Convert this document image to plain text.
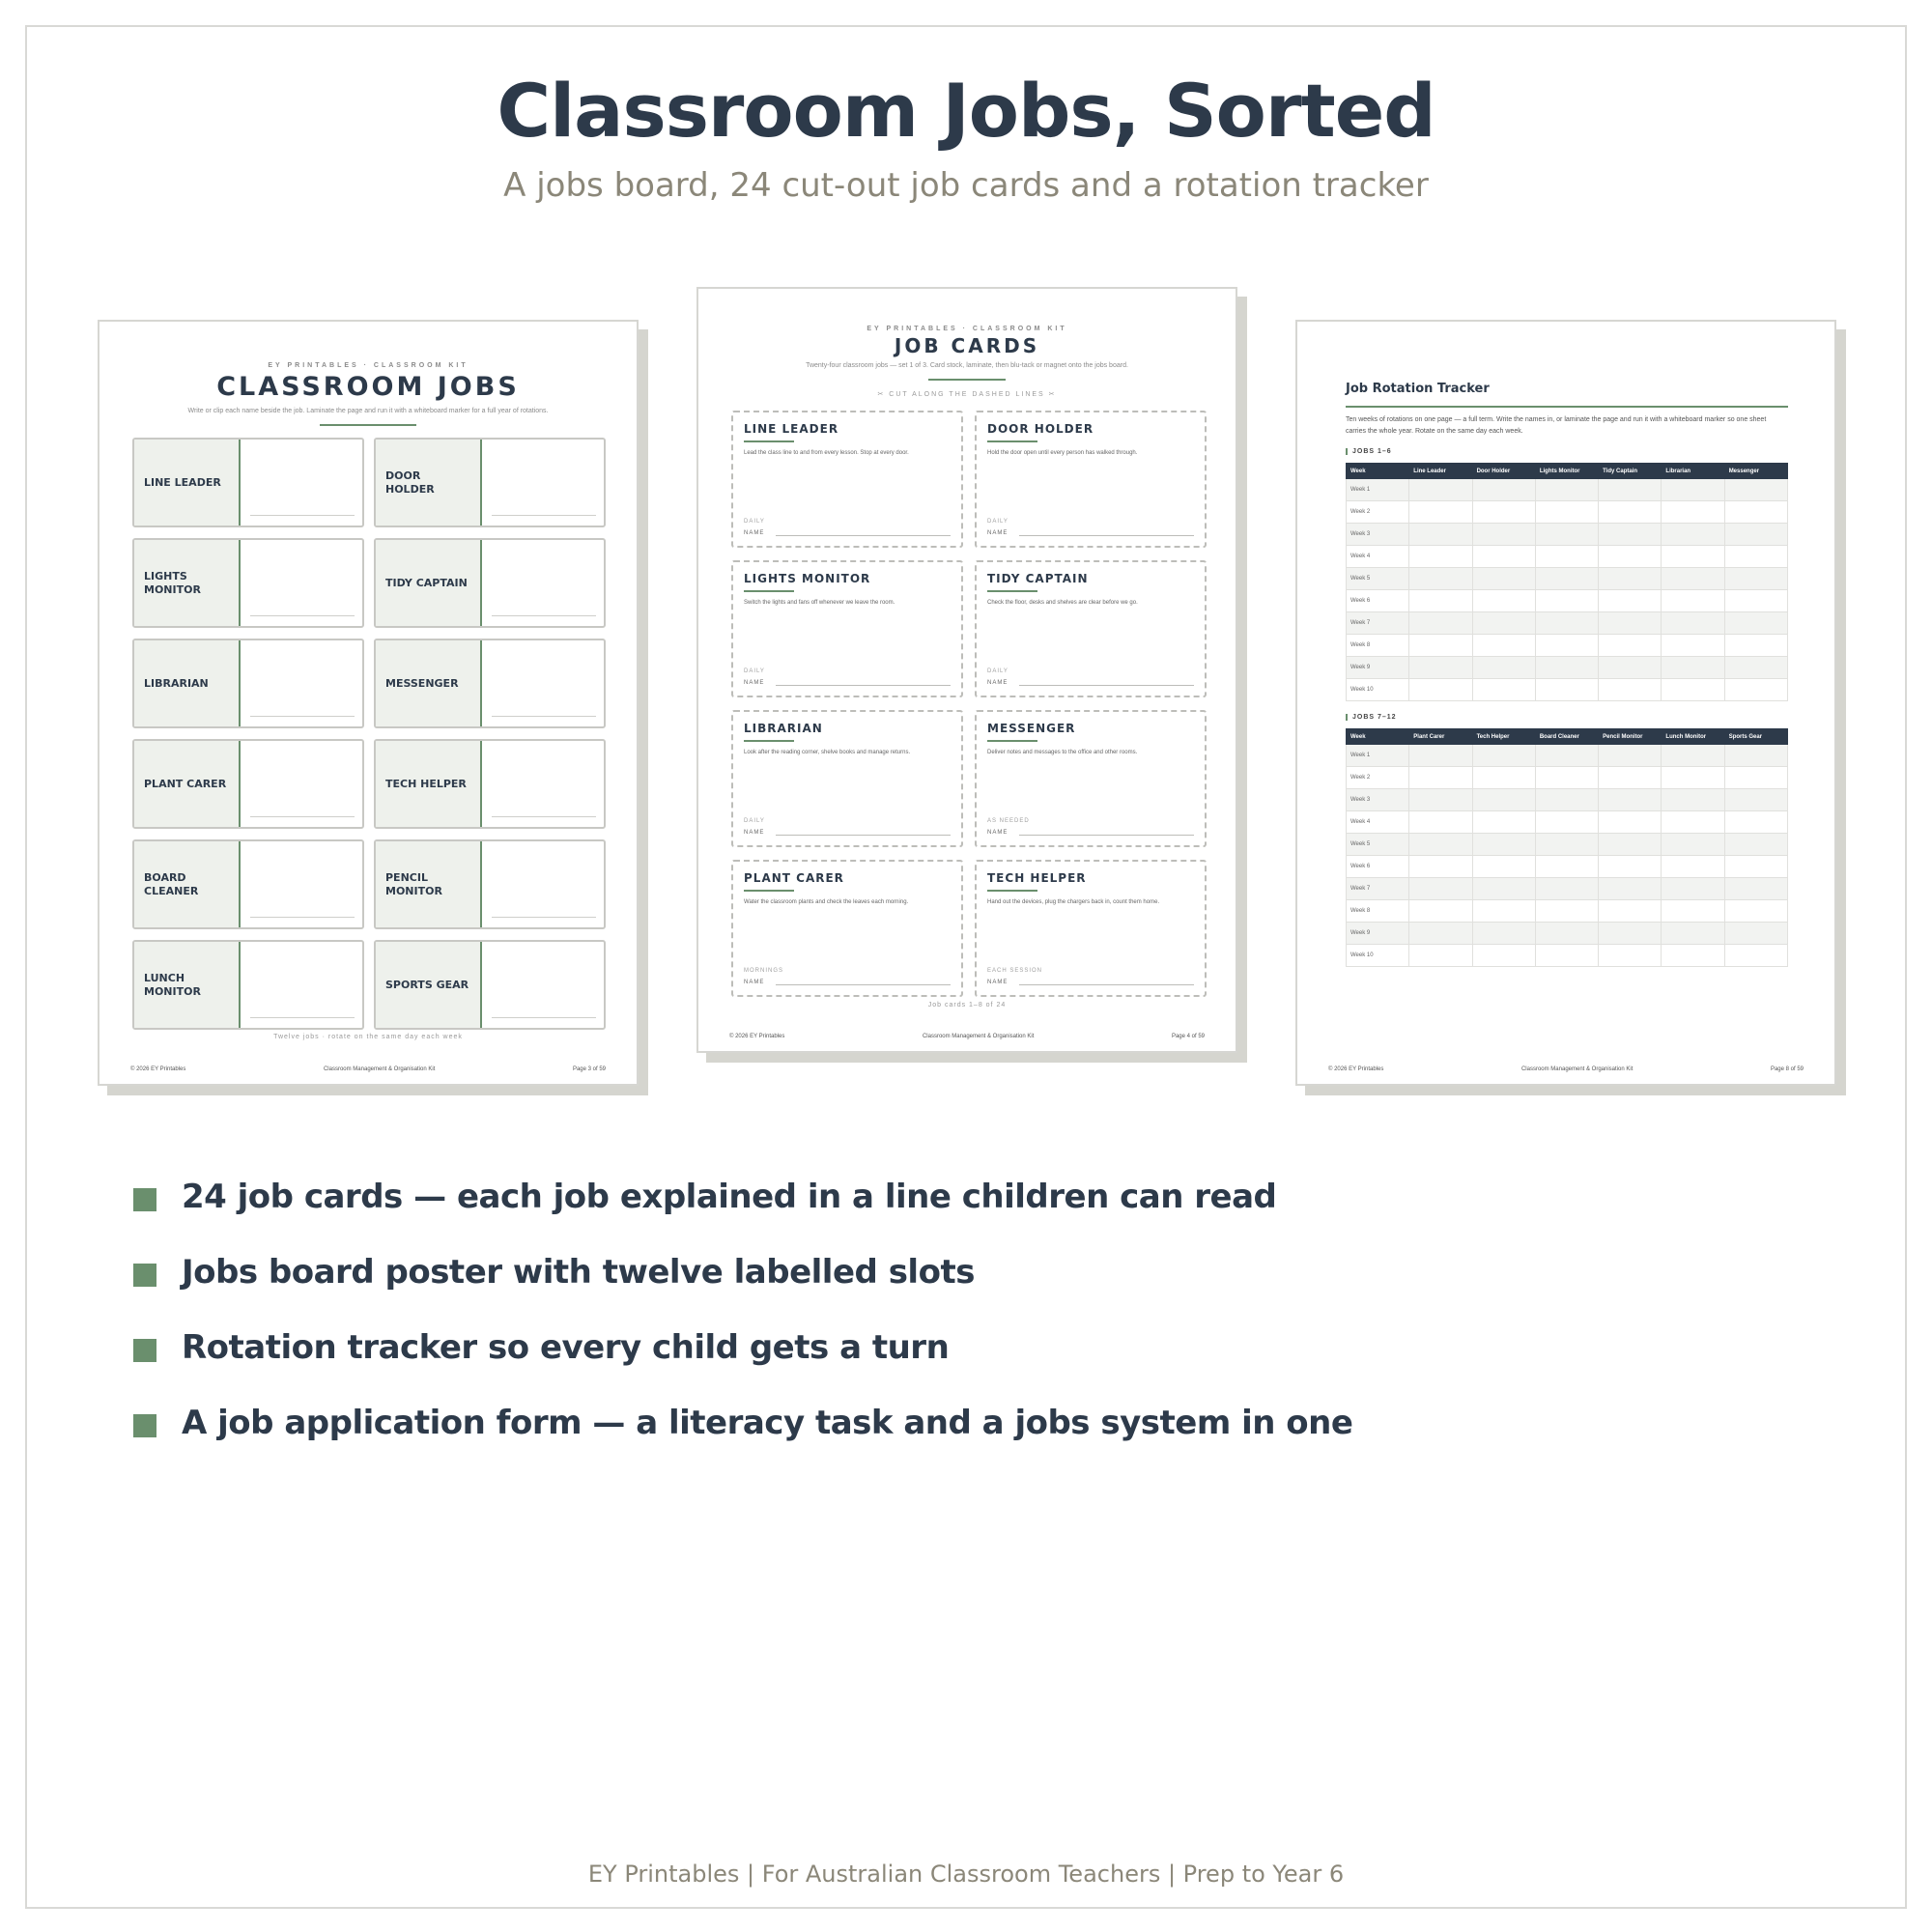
Classroom Jobs, Sorted
A jobs board, 24 cut-out job cards and a rotation tracker
EY PRINTABLES · CLASSROOM KIT
CLASSROOM JOBS
Write or clip each name beside the job. Laminate the page and run it with a whiteboard marker for a full year of rotations.
LINE LEADER
DOOR
HOLDER
LIGHTS
MONITOR
TIDY CAPTAIN
LIBRARIAN	MESSENGER
PLANT CARER	TECH HELPER
BOARD
CLEANER
PENCIL
MONITOR
LUNCH
MONITOR
SPORTS GEAR
Twelve jobs · rotate on the same day each week
© 2026 EY Printables	Classroom Management & Organisation Kit	Page 3 of 59
EY PRINTABLES · CLASSROOM KIT
JOB CARDS
Twenty-four classroom jobs — set 1 of 3. Card stock, laminate, then blu-tack or magnet onto the jobs board.
✂ CUT ALONG THE DASHED LINES ✂
LINE LEADER
Lead the class line to and from every lesson. Stop at every door.
DAILY
NAME
DOOR HOLDER
Hold the door open until every person has walked through.
DAILY
NAME
LIGHTS MONITOR
Switch the lights and fans off whenever we leave the room.
DAILY
NAME
TIDY CAPTAIN
Check the floor, desks and shelves are clear before we go.
DAILY
NAME
LIBRARIAN
Look after the reading corner, shelve books and manage returns.
DAILY
NAME
MESSENGER
Deliver notes and messages to the office and other rooms.
AS NEEDED
NAME
PLANT CARER
Water the classroom plants and check the leaves each morning.
MORNINGS
NAME
TECH HELPER
Hand out the devices, plug the chargers back in, count them home.
EACH SESSION
NAME
Job cards 1–8 of 24
© 2026 EY Printables	Classroom Management & Organisation Kit	Page 4 of 59
Job Rotation Tracker
Ten weeks of rotations on one page — a full term. Write the names in, or laminate the page and run it with a whiteboard marker so one sheet carries the whole year. Rotate on the same day each week.
JOBS 1–6
Week	Line Leader	Door Holder	Lights Monitor	Tidy Captain	Librarian	Messenger
Week 1						
Week 2						
Week 3						
Week 4						
Week 5						
Week 6						
Week 7						
Week 8						
Week 9						
Week 10						
JOBS 7–12
Week	Plant Carer	Tech Helper	Board Cleaner	Pencil Monitor	Lunch Monitor	Sports Gear
Week 1						
Week 2						
Week 3						
Week 4						
Week 5						
Week 6						
Week 7						
Week 8						
Week 9						
Week 10						
© 2026 EY Printables	Classroom Management & Organisation Kit	Page 8 of 59
24 job cards — each job explained in a line children can read
Jobs board poster with twelve labelled slots
Rotation tracker so every child gets a turn
A job application form — a literacy task and a jobs system in one
EY Printables | For Australian Classroom Teachers | Prep to Year 6
